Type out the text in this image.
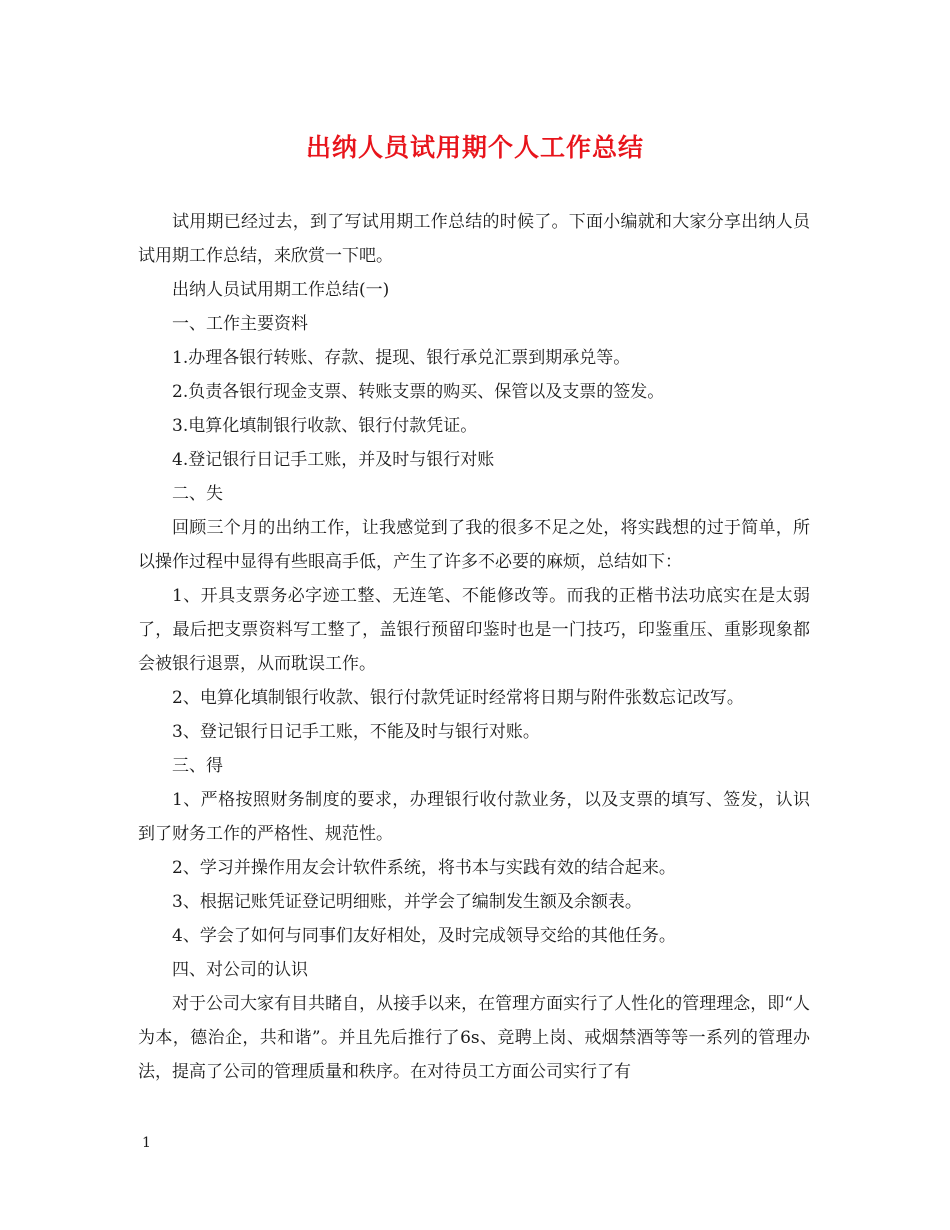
出纳人员试用期个人工作总结

试用期已经过去，到了写试用期工作总结的时候了。下面小编就和大家分享出纳人员试用期工作总结，来欣赏一下吧。

出纳人员试用期工作总结(一)

一、工作主要资料

1.办理各银行转账、存款、提现、银行承兑汇票到期承兑等。

2.负责各银行现金支票、转账支票的购买、保管以及支票的签发。

3.电算化填制银行收款、银行付款凭证。

4.登记银行日记手工账，并及时与银行对账

二、失

回顾三个月的出纳工作，让我感觉到了我的很多不足之处，将实践想的过于简单，所以操作过程中显得有些眼高手低，产生了许多不必要的麻烦，总结如下：

1、开具支票务必字迹工整、无连笔、不能修改等。而我的正楷书法功底实在是太弱了，最后把支票资料写工整了，盖银行预留印鉴时也是一门技巧，印鉴重压、重影现象都会被银行退票，从而耽误工作。

2、电算化填制银行收款、银行付款凭证时经常将日期与附件张数忘记改写。

3、登记银行日记手工账，不能及时与银行对账。

三、得

1、严格按照财务制度的要求，办理银行收付款业务，以及支票的填写、签发，认识到了财务工作的严格性、规范性。

2、学习并操作用友会计软件系统，将书本与实践有效的结合起来。

3、根据记账凭证登记明细账，并学会了编制发生额及余额表。

4、学会了如何与同事们友好相处，及时完成领导交给的其他任务。

四、对公司的认识

对于公司大家有目共睹自，从接手以来，在管理方面实行了人性化的管理理念，即“人为本，德治企，共和谐”。并且先后推行了6s、竞聘上岗、戒烟禁酒等等一系列的管理办法，提高了公司的管理质量和秩序。在对待员工方面公司实行了有

1
